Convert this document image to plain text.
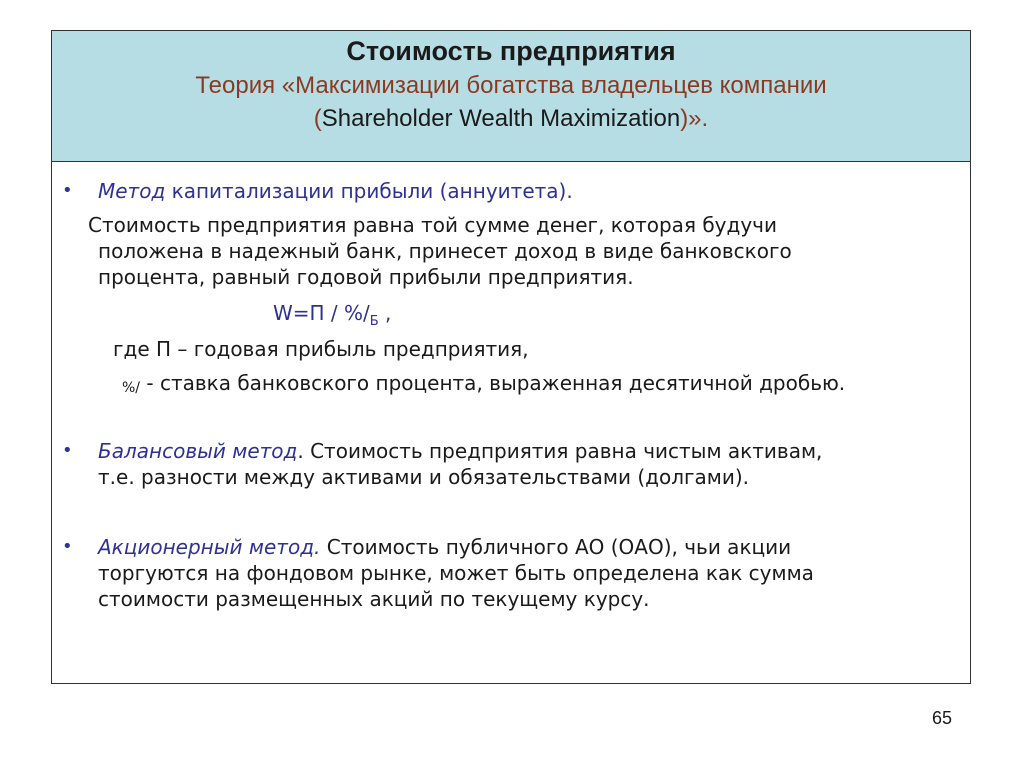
Стоимость предприятия
Теория «Максимизации богатства владельцев компании
(Shareholder Wealth Maximization)».
• Метод капитализации прибыли (аннуитета).
Стоимость предприятия равна той сумме денег, которая будучи
положена в надежный банк, принесет доход в виде банковского
процента, равный годовой прибыли предприятия.
$W=П / \%/_Б$ ,
где П – годовая прибыль предприятия,
%/ - ставка банковского процента, выраженная десятичной дробью.
• Балансовый метод. Стоимость предприятия равна чистым активам,
т.е. разности между активами и обязательствами (долгами).
• Акционерный метод. Стоимость публичного АО (ОАО), чьи акции
торгуются на фондовом рынке, может быть определена как сумма
стоимости размещенных акций по текущему курсу.
65
